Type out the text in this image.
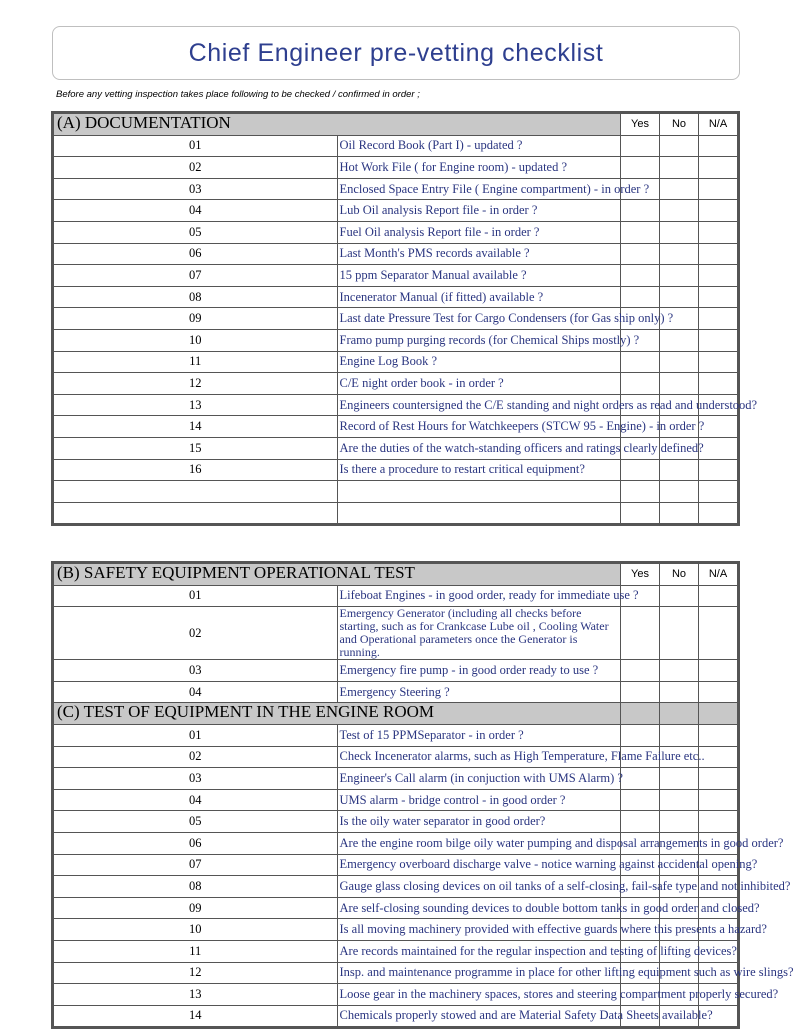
Chief Engineer pre-vetting checklist
Before any vetting inspection takes place following to be checked / confirmed in order ;
(A) DOCUMENTATION		Yes	No	N/A
01	Oil Record Book (Part I) - updated ?			
02	Hot Work File ( for Engine room) - updated ?			
03	Enclosed Space Entry File ( Engine compartment) - in order ?			
04	Lub Oil analysis Report file - in order ?			
05	Fuel Oil analysis Report file - in order ?			
06	Last Month's PMS records available ?			
07	15 ppm Separator Manual available ?			
08	Incenerator Manual (if fitted) available ?			
09	Last date Pressure Test for Cargo Condensers (for Gas ship only) ?			
10	Framo pump purging records (for Chemical Ships mostly) ?			
11	Engine Log Book ?			
12	C/E night order book - in order ?			
13	Engineers countersigned the C/E standing and night orders as read and understood?			
14	Record of Rest Hours for Watchkeepers (STCW 95 - Engine) - in order ?			
15	Are the duties of the watch-standing officers and ratings clearly defined?			
16	Is there a procedure to restart critical equipment?			

(B) SAFETY EQUIPMENT OPERATIONAL TEST		Yes	No	N/A
01	Lifeboat Engines - in good order, ready for immediate use ?			
02	Emergency Generator (including all checks before starting, such as for Crankcase Lube oil , Cooling Water and Operational parameters once the Generator is running.			
03	Emergency fire pump - in good order ready to use ?			
04	Emergency Steering ?			
(C) TEST OF EQUIPMENT IN THE ENGINE ROOM				
01	Test of 15 PPMSeparator - in order ?			
02	Check Incenerator alarms, such as High Temperature, Flame Failure etc..			
03	Engineer's Call alarm (in conjuction with UMS Alarm) ?			
04	UMS alarm - bridge control - in good order ?			
05	Is the oily water separator in good order?			
06	Are the engine room bilge oily water pumping and disposal arrangements in good order?			
07	Emergency overboard discharge valve - notice warning against accidental opening?			
08	Gauge glass closing devices on oil tanks of a self-closing, fail-safe type and not inhibited?			
09	Are self-closing sounding devices to double bottom tanks in good order and closed?			
10	Is all moving machinery provided with effective guards where this presents a hazard?			
11	Are records maintained for the regular inspection and testing of lifting devices?			
12	Insp. and maintenance programme in place for other lifting equipment such as wire slings?			
13	Loose gear in the machinery spaces, stores and steering compartment properly secured?			
14	Chemicals properly stowed and are Material Safety Data Sheets available?			
